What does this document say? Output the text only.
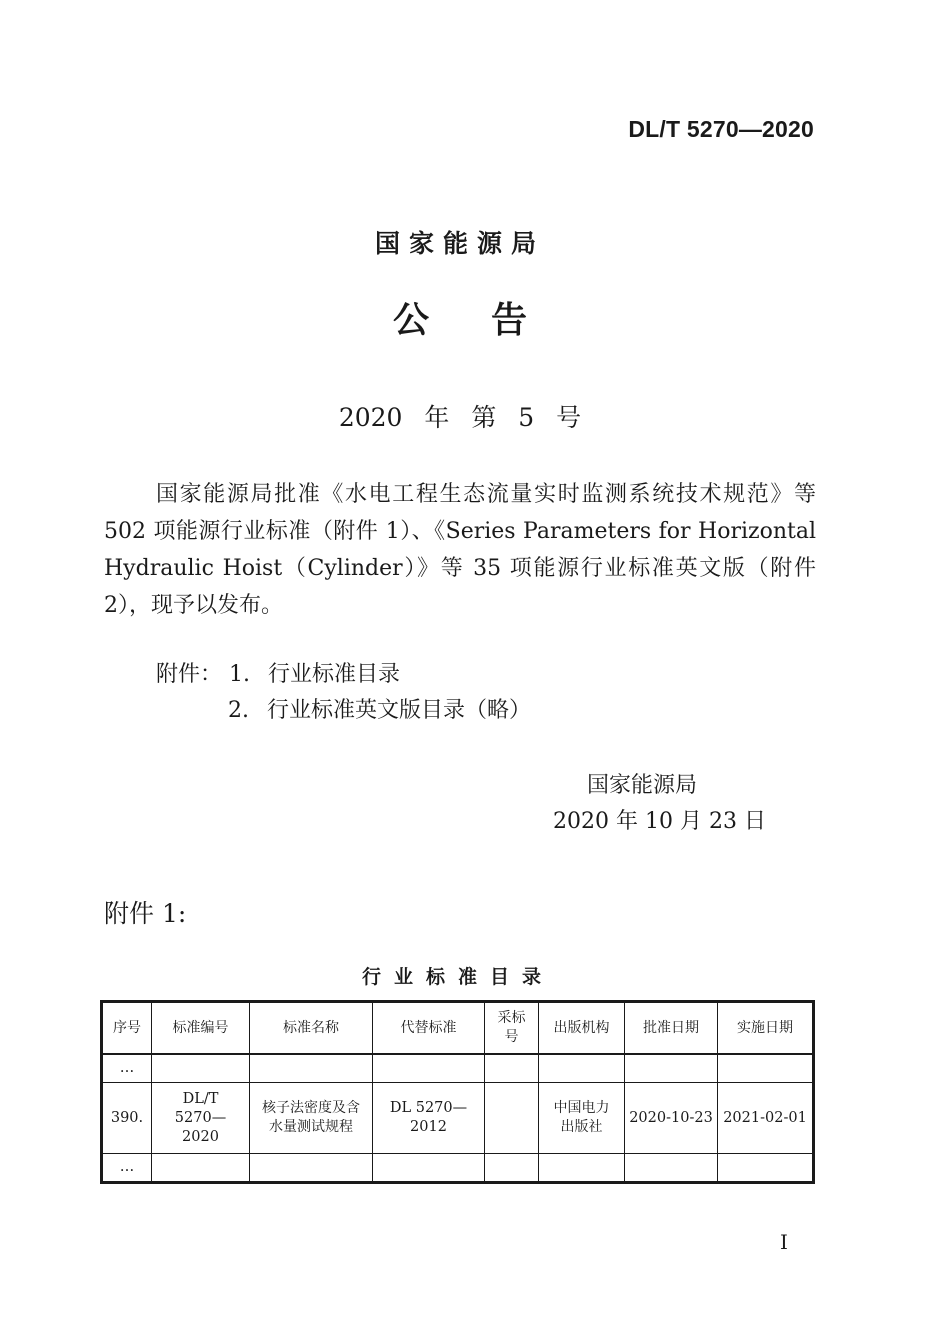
DL/T 5270—2020
国家能源局
公告
2020 年 第 5 号
国家能源局批准《水电工程生态流量实时监测系统技术规范》等 502 项能源行业标准（附件 1）、《Series Parameters for Horizontal Hydraulic Hoist（Cylinder）》等 35 项能源行业标准英文版（附件 2），现予以发布。
附件： 1. 行业标准目录
2. 行业标准英文版目录（略）
国家能源局
2020 年 10 月 23 日
附件 1:
行业标准目录
序号	标准编号	标准名称	代替标准	采标号	出版机构	批准日期	实施日期
…							
390.	DL/T 5270—2020	核子法密度及含水量测试规程	DL 5270—2012		中国电力出版社	2020-10-23	2021-02-01
…							
I
